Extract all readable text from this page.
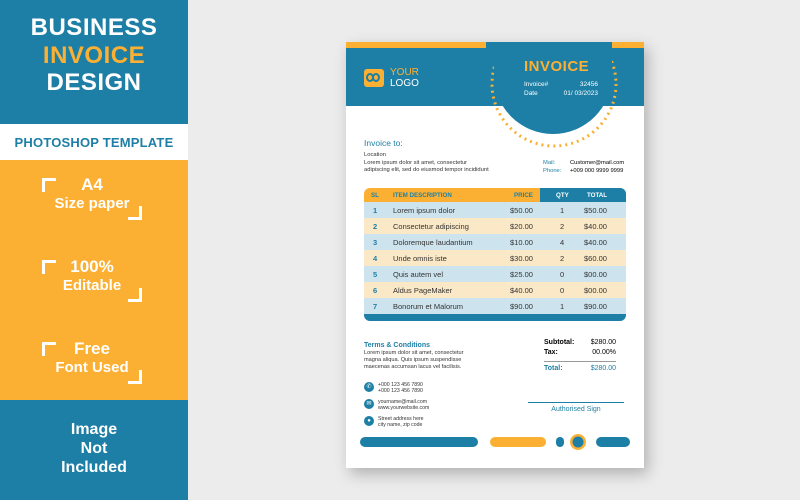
BUSINESS
INVOICE
DESIGN
PHOTOSHOP TEMPLATE
A4
Size paper
100%
Editable
Free
Font Used
Image
Not
Included
YOUR
LOGO
INVOICE
Invoice#	32456
Date	01/ 03/2023
Invoice to:
Location
Lorem ipsum dolor sit amet, consectetur
adipiscing elit, sed do eiusmod tempor incididunt
Mail:	Customer@mail.com
Phone: +009 000 9999 9999
SL ITEM DESCRIPTION	PRICE	QTY	TOTAL
1 Lorem ipsum dolor	$50.00	1	$50.00
2 Consectetur adipiscing	$20.00	2	$40.00
3 Doloremque laudantium	$10.00	4	$40.00
4 Unde omnis iste	$30.00	2	$60.00
5 Quis autem vel	$25.00	0	$00.00
6 Aldus PageMaker	$40.00	0	$00.00
7 Bonorum et Malorum	$90.00	1	$90.00
Terms & Conditions
Lorem ipsum dolor sit amet, consectetur
magna aliqua. Quis ipsum suspendisse
maecenas accumsan lacus vel facilisis.
Subtotal: $280.00
Tax:	00.00%
Total:	$280.00
✆	+000 123 456 7890
+000 123 456 7890
✉	yourname@mail.com
www.yourwebsite.com
●	Street address here
city name, zip code
Authorised Sign
